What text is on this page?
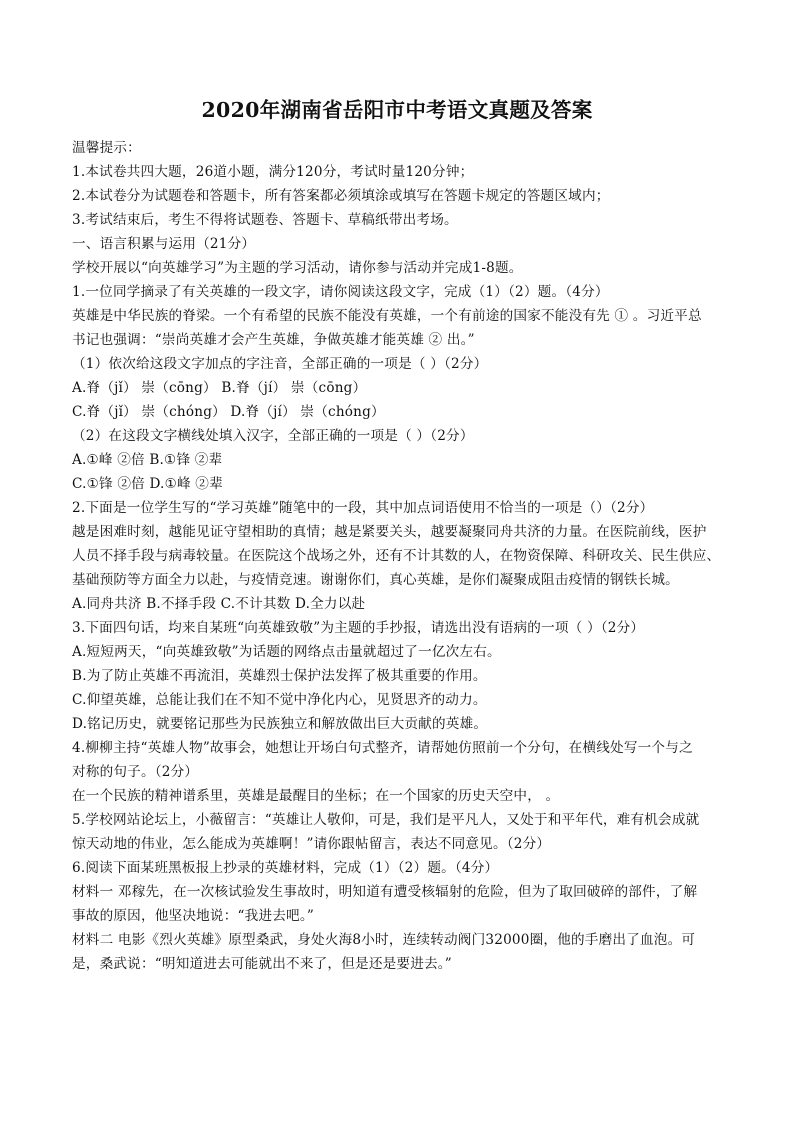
2020年湖南省岳阳市中考语文真题及答案
温馨提示：
1.本试卷共四大题，26道小题，满分120分，考试时量120分钟；
2.本试卷分为试题卷和答题卡，所有答案都必须填涂或填写在答题卡规定的答题区域内；
3.考试结束后，考生不得将试题卷、答题卡、草稿纸带出考场。
一、语言积累与运用（21分）
学校开展以“向英雄学习”为主题的学习活动，请你参与活动并完成1-8题。
1.一位同学摘录了有关英雄的一段文字，请你阅读这段文字，完成（1）（2）题。（4分）
英雄是中华民族的脊梁。一个有希望的民族不能没有英雄，一个有前途的国家不能没有先 ① 。习近平总
书记也强调：“崇尚英雄才会产生英雄，争做英雄才能英雄 ② 出。”
（1）依次给这段文字加点的字注音，全部正确的一项是（ ）（2分）
A.脊（jǐ） 崇（cōng） B.脊（jí） 崇（cōng）
C.脊（jǐ） 崇（chóng） D.脊（jí） 崇（chóng）
（2）在这段文字横线处填入汉字，全部正确的一项是（ ）（2分）
A.①峰 ②倍 B.①锋 ②辈
C.①锋 ②倍 D.①峰 ②辈
2.下面是一位学生写的“学习英雄”随笔中的一段，其中加点词语使用不恰当的一项是（）（2分）
越是困难时刻，越能见证守望相助的真情；越是紧要关头，越要凝聚同舟共济的力量。在医院前线，医护
人员不择手段与病毒较量。在医院这个战场之外，还有不计其数的人，在物资保障、科研攻关、民生供应、
基础预防等方面全力以赴，与疫情竞速。谢谢你们，真心英雄，是你们凝聚成阻击疫情的钢铁长城。
A.同舟共济 B.不择手段 C.不计其数 D.全力以赴
3.下面四句话，均来自某班“向英雄致敬”为主题的手抄报，请选出没有语病的一项（ ）（2分）
A.短短两天，“向英雄致敬”为话题的网络点击量就超过了一亿次左右。
B.为了防止英雄不再流泪，英雄烈士保护法发挥了极其重要的作用。
C.仰望英雄，总能让我们在不知不觉中净化内心，见贤思齐的动力。
D.铭记历史，就要铭记那些为民族独立和解放做出巨大贡献的英雄。
4.柳柳主持“英雄人物”故事会，她想让开场白句式整齐，请帮她仿照前一个分句，在横线处写一个与之
对称的句子。（2分）
在一个民族的精神谱系里，英雄是最醒目的坐标；在一个国家的历史天空中， 。
5.学校网站论坛上，小薇留言：“英雄让人敬仰，可是，我们是平凡人，又处于和平年代，难有机会成就
惊天动地的伟业，怎么能成为英雄啊！”请你跟帖留言，表达不同意见。（2分）
6.阅读下面某班黑板报上抄录的英雄材料，完成（1）（2）题。（4分）
材料一 邓稼先，在一次核试验发生事故时，明知道有遭受核辐射的危险，但为了取回破碎的部件，了解
事故的原因，他坚决地说：“我进去吧。”
材料二 电影《烈火英雄》原型桑武，身处火海8小时，连续转动阀门32000圈，他的手磨出了血泡。可
是，桑武说：“明知道进去可能就出不来了，但是还是要进去。”
